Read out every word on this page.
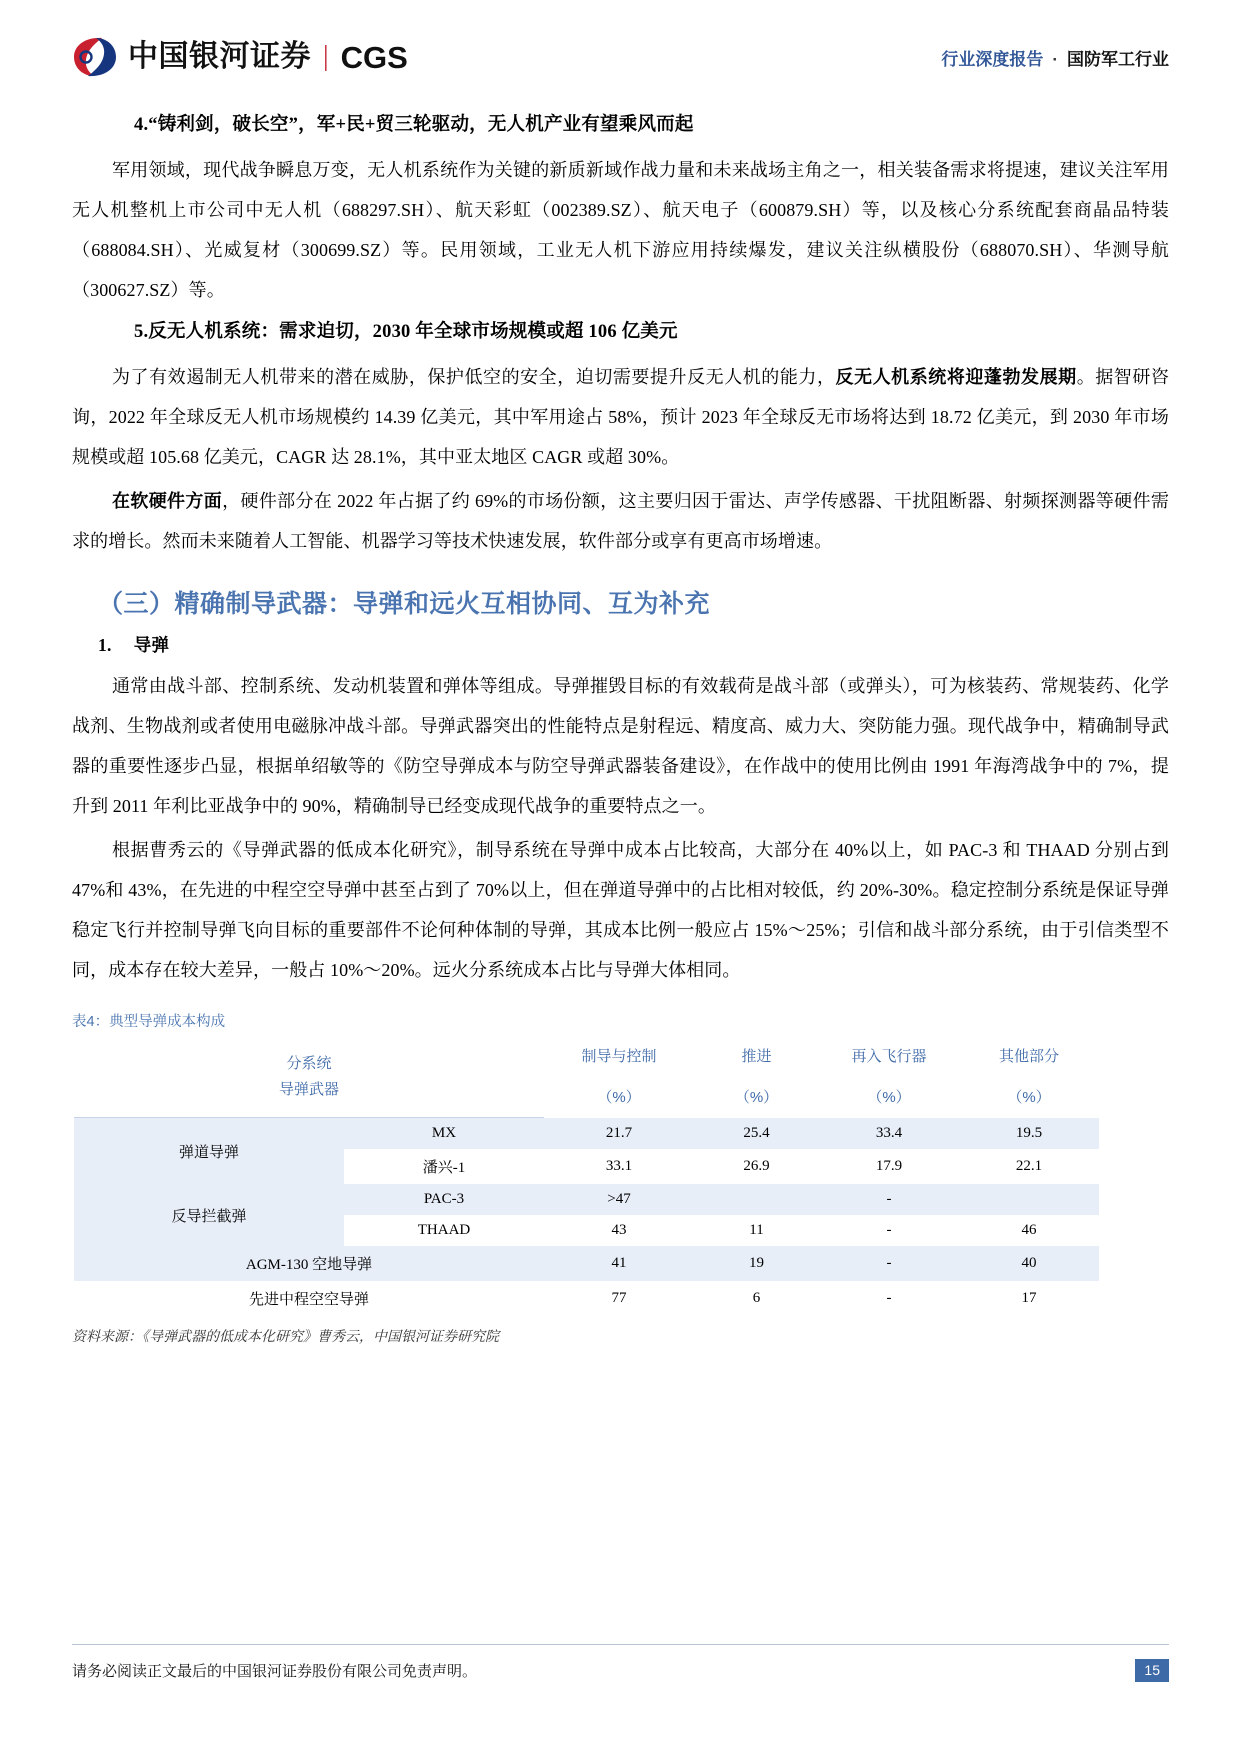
中国银河证券 | CGS	行业深度报告 · 国防军工行业
4.“铸利剑，破长空”，军+民+贸三轮驱动，无人机产业有望乘风而起

军用领域，现代战争瞬息万变，无人机系统作为关键的新质新域作战力量和未来战场主角之一，相关装备需求将提速，建议关注军用无人机整机上市公司中无人机（688297.SH）、航天彩虹（002389.SZ）、航天电子（600879.SH）等，以及核心分系统配套商晶品特装（688084.SH）、光威复材（300699.SZ）等。民用领域，工业无人机下游应用持续爆发，建议关注纵横股份（688070.SH）、华测导航（300627.SZ）等。

5.反无人机系统：需求迫切，2030 年全球市场规模或超 106 亿美元

为了有效遏制无人机带来的潜在威胁，保护低空的安全，迫切需要提升反无人机的能力，反无人机系统将迎蓬勃发展期。据智研咨询，2022 年全球反无人机市场规模约 14.39 亿美元，其中军用途占 58%，预计 2023 年全球反无市场将达到 18.72 亿美元，到 2030 年市场规模或超 105.68 亿美元，CAGR 达 28.1%，其中亚太地区 CAGR 或超 30%。

在软硬件方面，硬件部分在 2022 年占据了约 69%的市场份额，这主要归因于雷达、声学传感器、干扰阻断器、射频探测器等硬件需求的增长。然而未来随着人工智能、机器学习等技术快速发展，软件部分或享有更高市场增速。

（三）精确制导武器：导弹和远火互相协同、互为补充
1. 导弹

通常由战斗部、控制系统、发动机装置和弹体等组成。导弹摧毁目标的有效载荷是战斗部（或弹头），可为核装药、常规装药、化学战剂、生物战剂或者使用电磁脉冲战斗部。导弹武器突出的性能特点是射程远、精度高、威力大、突防能力强。现代战争中，精确制导武器的重要性逐步凸显，根据单绍敏等的《防空导弹成本与防空导弹武器装备建设》，在作战中的使用比例由 1991 年海湾战争中的 7%，提升到 2011 年利比亚战争中的 90%，精确制导已经变成现代战争的重要特点之一。

根据曹秀云的《导弹武器的低成本化研究》，制导系统在导弹中成本占比较高，大部分在 40%以上，如 PAC-3 和 THAAD 分别占到 47%和 43%，在先进的中程空空导弹中甚至占到了 70%以上，但在弹道导弹中的占比相对较低，约 20%-30%。稳定控制分系统是保证导弹稳定飞行并控制导弹飞向目标的重要部件不论何种体制的导弹，其成本比例一般应占 15%～25%；引信和战斗部分系统，由于引信类型不同，成本存在较大差异，一般占 10%～20%。远火分系统成本占比与导弹大体相同。

表4：典型导弹成本构成
分系统
导弹武器		制导与控制	推进	再入飞行器	其他部分
		（%）	（%）	（%）	（%）
弹道导弹	MX	21.7	25.4	33.4	19.5
	潘兴-1	33.1	26.9	17.9	22.1
反导拦截弹	PAC-3	>47		-	
	THAAD	43	11	-	46
AGM-130 空地导弹		41	19	-	40
先进中程空空导弹		77	6	-	17
资料来源：《导弹武器的低成本化研究》曹秀云，中国银河证券研究院
请务必阅读正文最后的中国银河证券股份有限公司免责声明。	15
